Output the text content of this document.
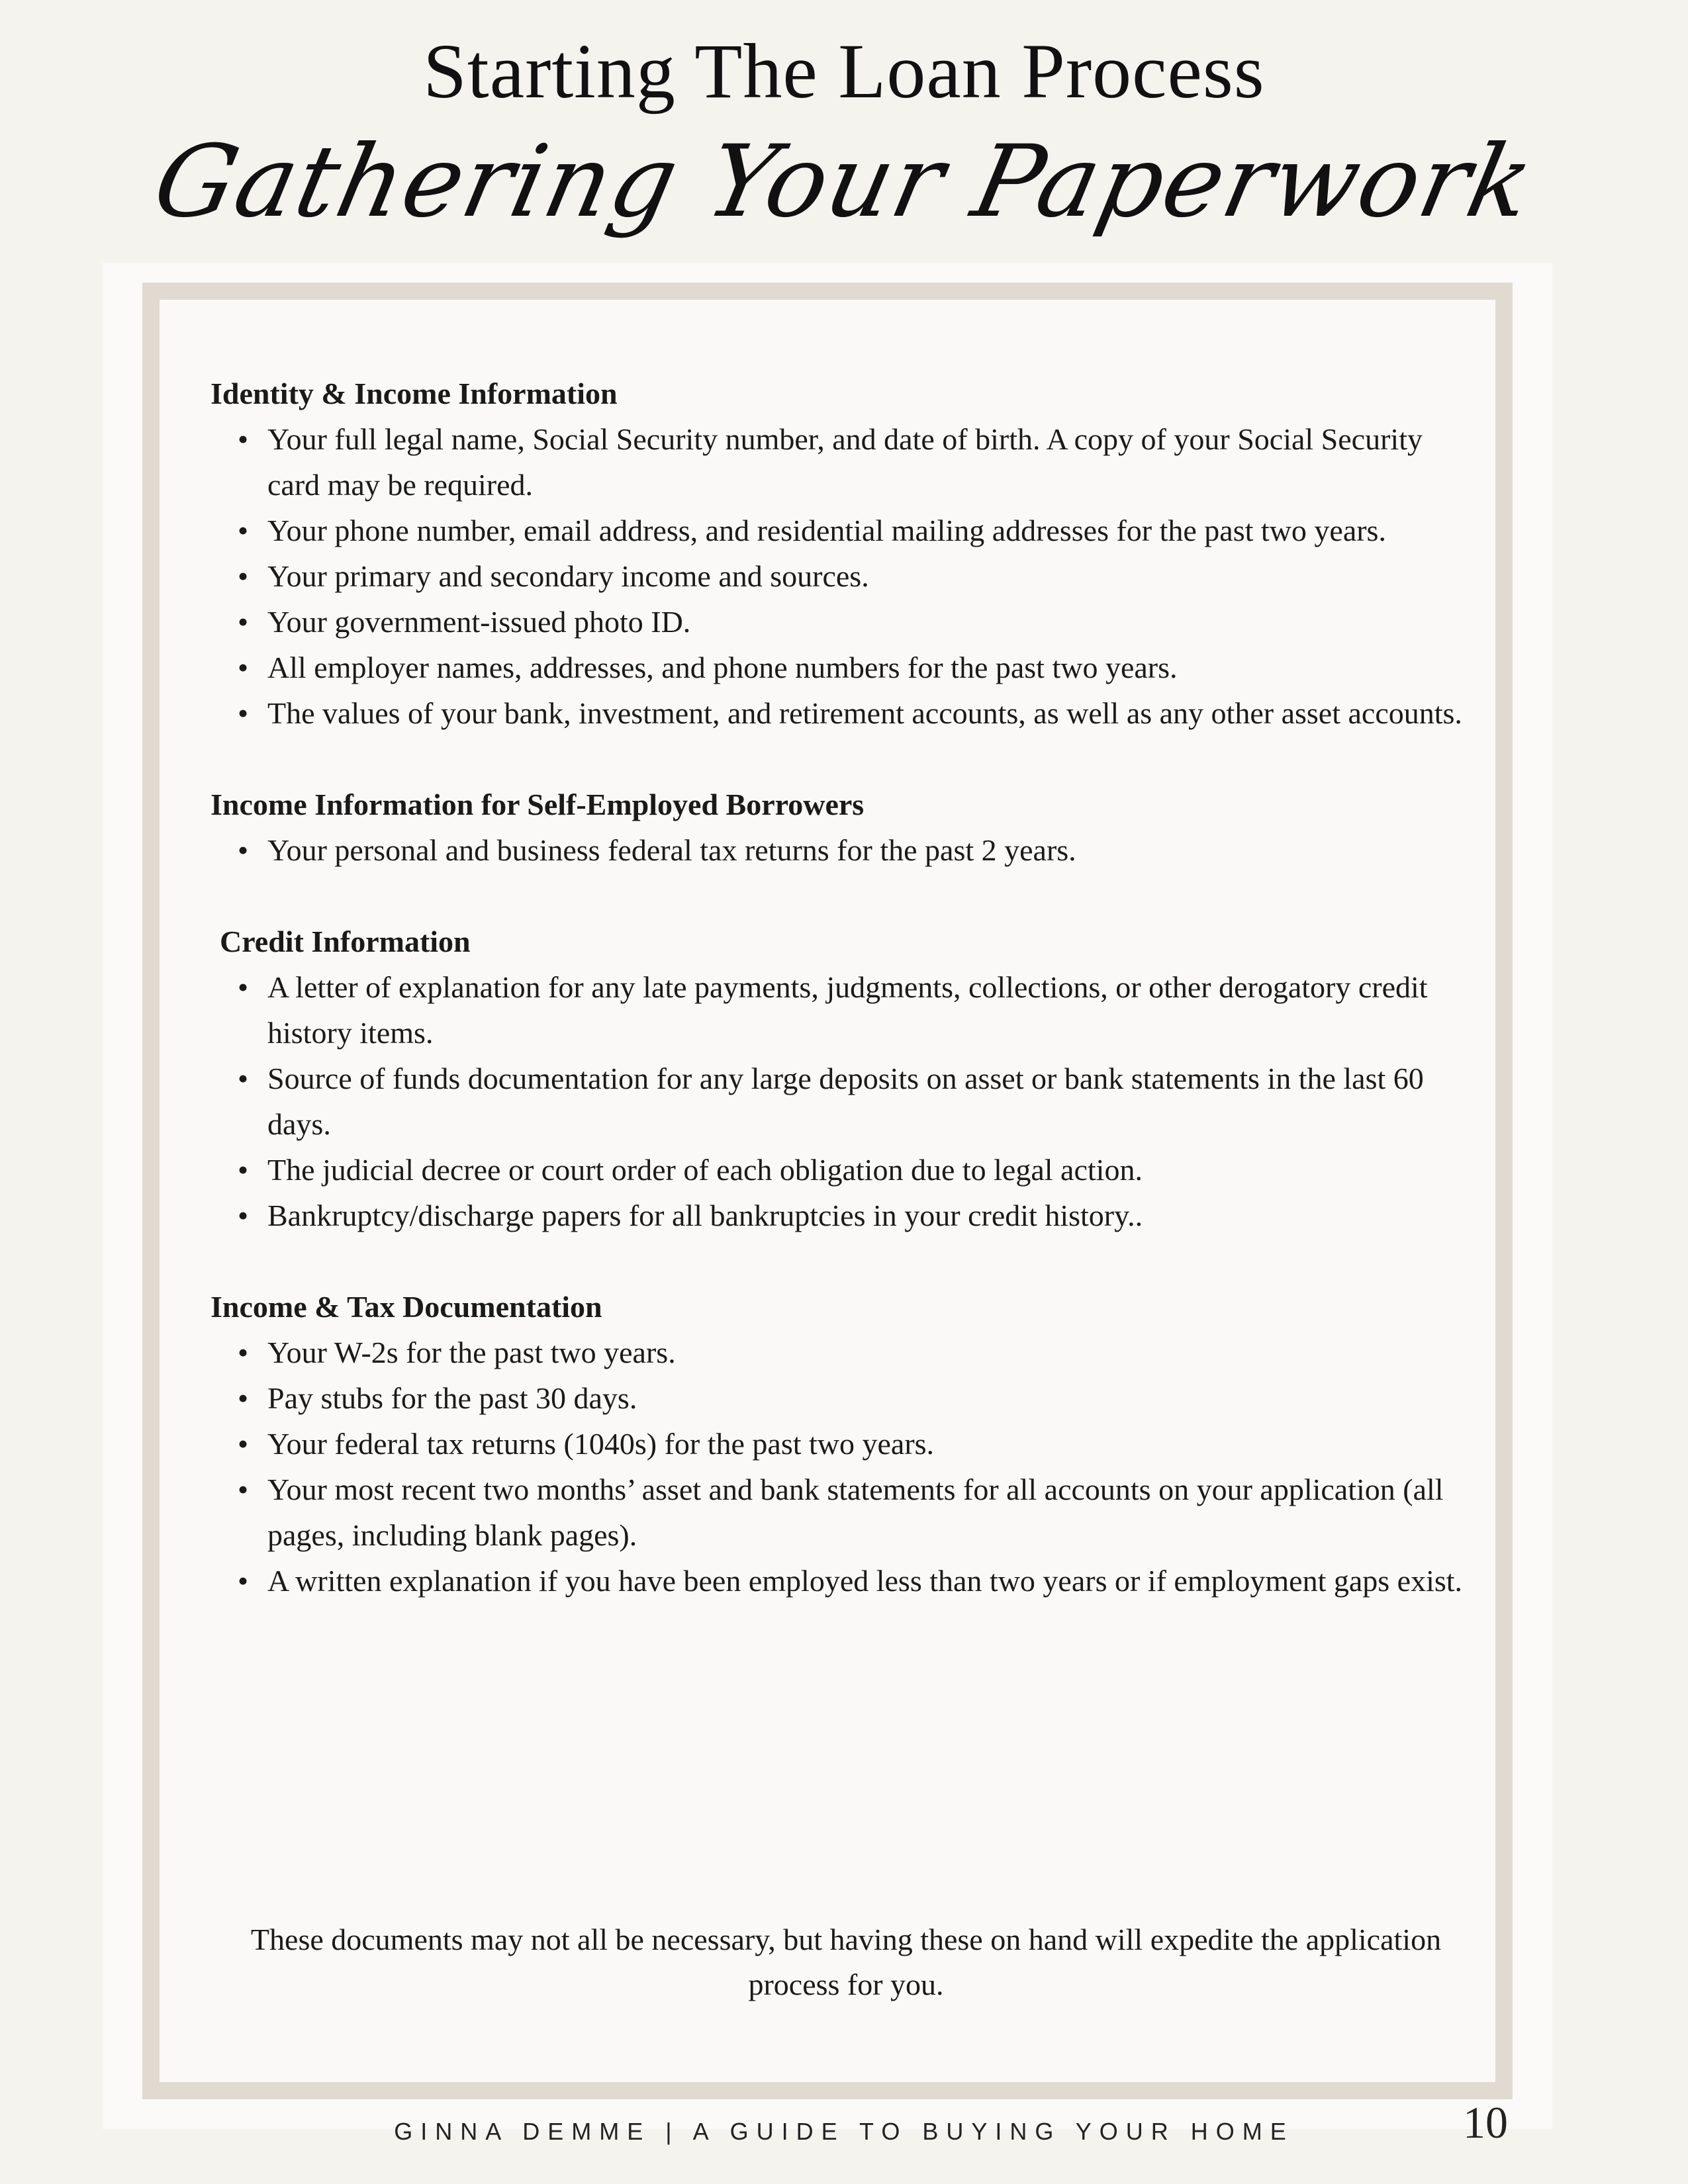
Starting The Loan Process
Gathering Your Paperwork
Identity & Income Information
• Your full legal name, Social Security number, and date of birth. A copy of your Social Security card may be required.
• Your phone number, email address, and residential mailing addresses for the past two years.
• Your primary and secondary income and sources.
• Your government-issued photo ID.
• All employer names, addresses, and phone numbers for the past two years.
• The values of your bank, investment, and retirement accounts, as well as any other asset accounts.
Income Information for Self-Employed Borrowers
• Your personal and business federal tax returns for the past 2 years.
Credit Information
• A letter of explanation for any late payments, judgments, collections, or other derogatory credit history items.
• Source of funds documentation for any large deposits on asset or bank statements in the last 60 days.
• The judicial decree or court order of each obligation due to legal action.
• Bankruptcy/discharge papers for all bankruptcies in your credit history..
Income & Tax Documentation
• Your W-2s for the past two years.
• Pay stubs for the past 30 days.
• Your federal tax returns (1040s) for the past two years.
• Your most recent two months’ asset and bank statements for all accounts on your application (all pages, including blank pages).
• A written explanation if you have been employed less than two years or if employment gaps exist.
These documents may not all be necessary, but having these on hand will expedite the application process for you.
GINNA DEMME | A GUIDE TO BUYING YOUR HOME	10
